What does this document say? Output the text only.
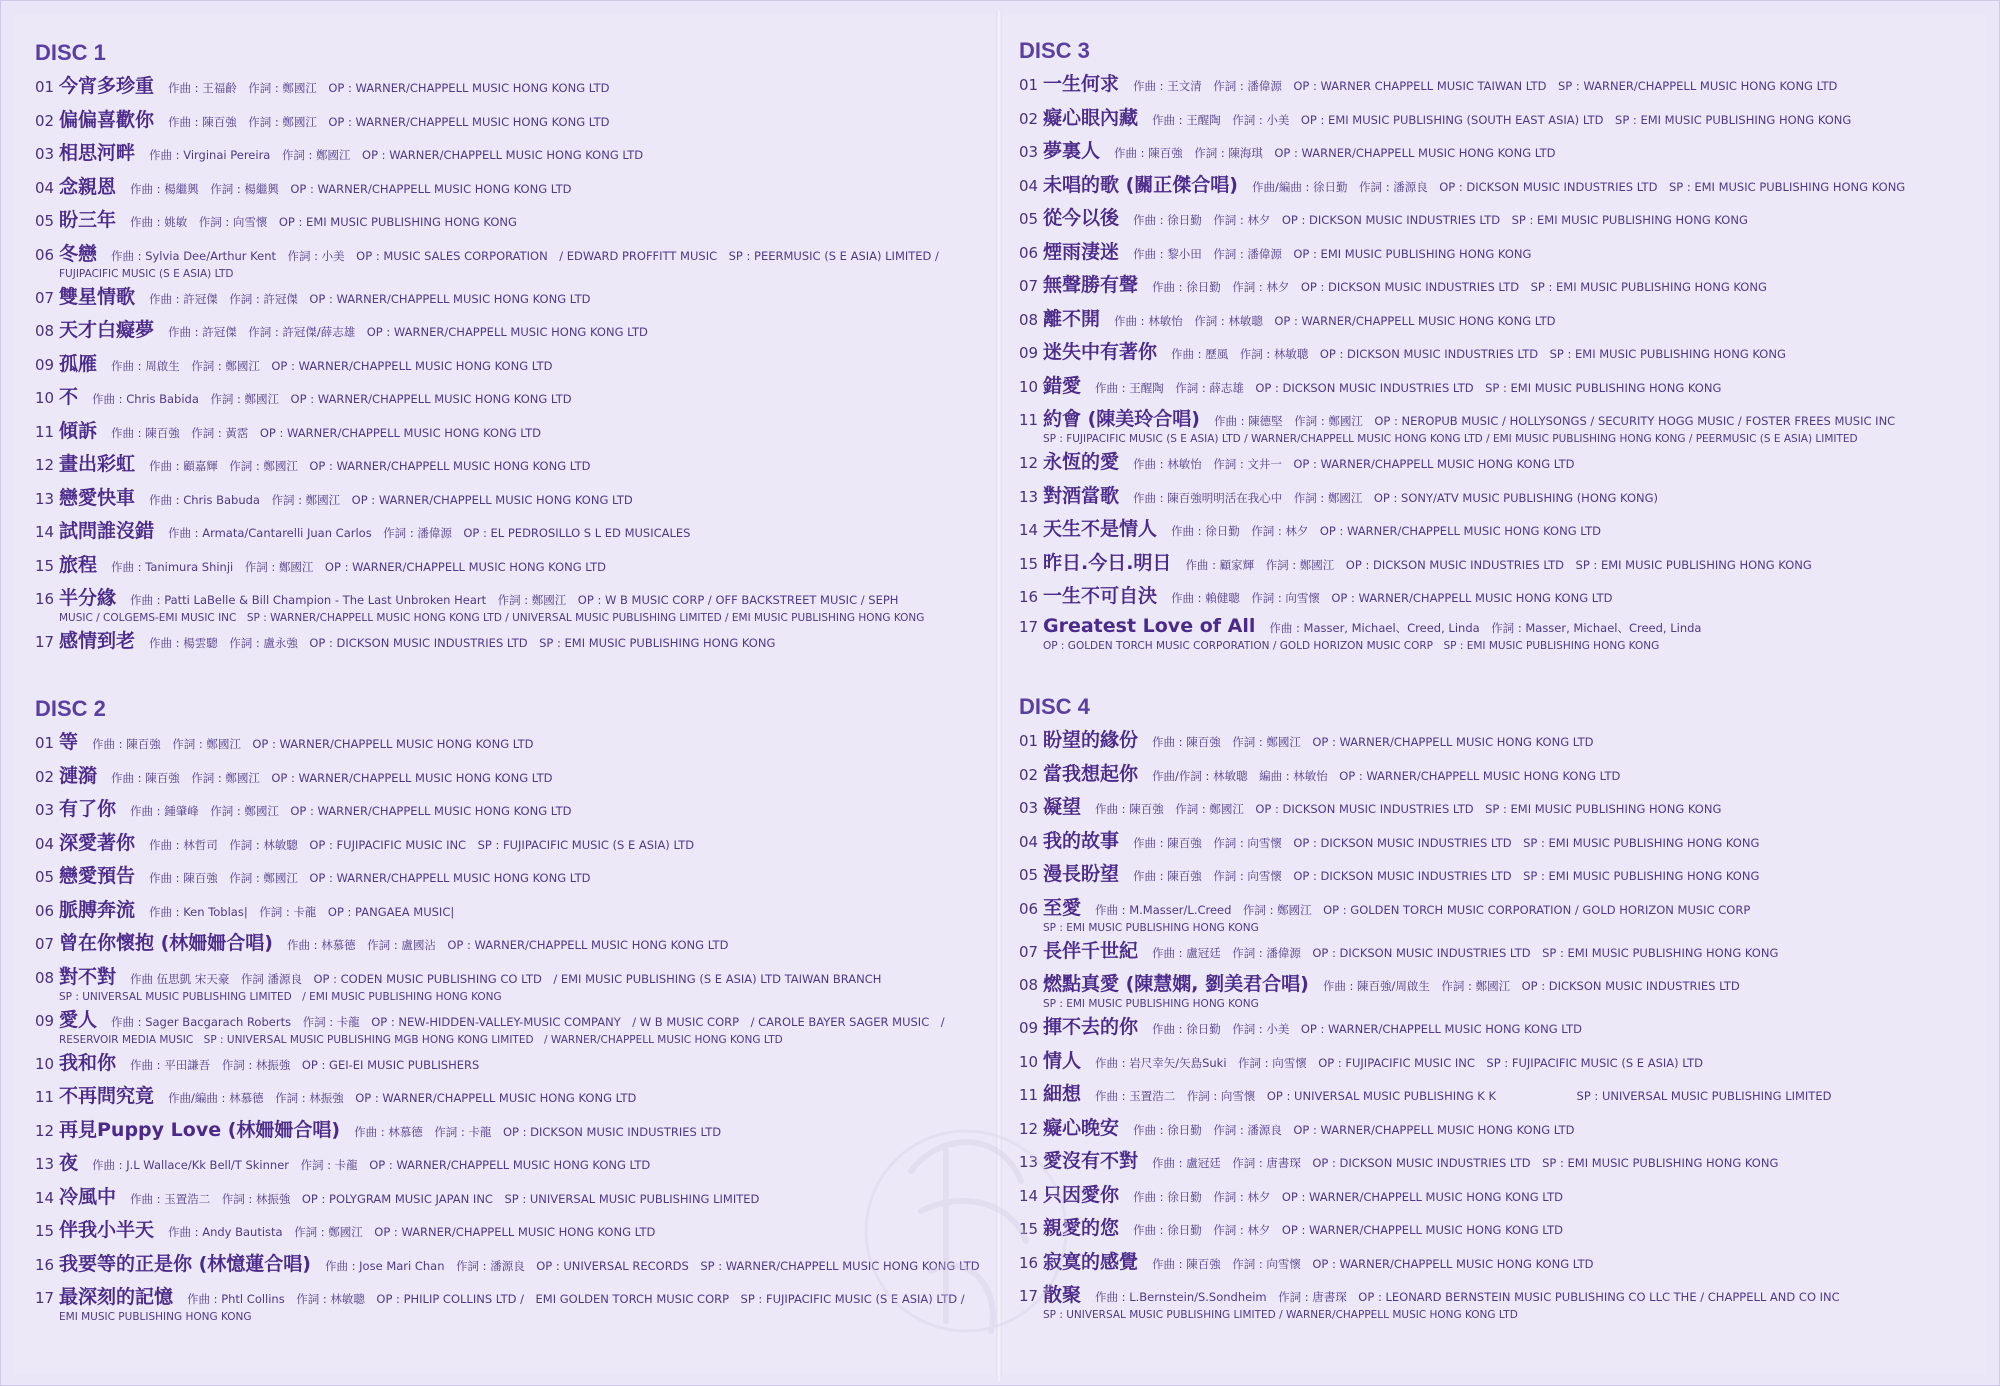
DISC 1
01 今宵多珍重 作曲 : 王福齡　作詞 : 鄭國江　OP : WARNER/CHAPPELL MUSIC HONG KONG LTD
02 偏偏喜歡你 作曲 : 陳百強　作詞 : 鄭國江　OP : WARNER/CHAPPELL MUSIC HONG KONG LTD
03 相思河畔 作曲 : Virginai Pereira　作詞 : 鄭國江　OP : WARNER/CHAPPELL MUSIC HONG KONG LTD
04 念親恩 作曲 : 楊繼興　作詞 : 楊繼興　OP : WARNER/CHAPPELL MUSIC HONG KONG LTD
05 盼三年 作曲 : 姚敏　作詞 : 向雪懷　OP : EMI MUSIC PUBLISHING HONG KONG
06 冬戀 作曲 : Sylvia Dee/Arthur Kent　作詞 : 小美　OP : MUSIC SALES CORPORATION　/ EDWARD PROFFITT MUSIC　SP : PEERMUSIC (S E ASIA) LIMITED /
FUJIPACIFIC MUSIC (S E ASIA) LTD
07 雙星情歌 作曲 : 許冠傑　作詞 : 許冠傑　OP : WARNER/CHAPPELL MUSIC HONG KONG LTD
08 天才白癡夢 作曲 : 許冠傑　作詞 : 許冠傑/薛志雄　OP : WARNER/CHAPPELL MUSIC HONG KONG LTD
09 孤雁 作曲 : 周啟生　作詞 : 鄭國江　OP : WARNER/CHAPPELL MUSIC HONG KONG LTD
10 不 作曲 : Chris Babida　作詞 : 鄭國江　OP : WARNER/CHAPPELL MUSIC HONG KONG LTD
11 傾訴 作曲 : 陳百強　作詞 : 黃霑　OP : WARNER/CHAPPELL MUSIC HONG KONG LTD
12 畫出彩虹 作曲 : 顧嘉輝　作詞 : 鄭國江　OP : WARNER/CHAPPELL MUSIC HONG KONG LTD
13 戀愛快車 作曲 : Chris Babuda　作詞 : 鄭國江　OP : WARNER/CHAPPELL MUSIC HONG KONG LTD
14 試問誰沒錯 作曲 : Armata/Cantarelli Juan Carlos　作詞 : 潘偉源　OP : EL PEDROSILLO S L ED MUSICALES
15 旅程 作曲 : Tanimura Shinji　作詞 : 鄭國江　OP : WARNER/CHAPPELL MUSIC HONG KONG LTD
16 半分緣 作曲 : Patti LaBelle & Bill Champion - The Last Unbroken Heart　作詞 : 鄭國江　OP : W B MUSIC CORP / OFF BACKSTREET MUSIC / SEPH
MUSIC / COLGEMS-EMI MUSIC INC　SP : WARNER/CHAPPELL MUSIC HONG KONG LTD / UNIVERSAL MUSIC PUBLISHING LIMITED / EMI MUSIC PUBLISHING HONG KONG
17 感情到老 作曲 : 楊雲驄　作詞 : 盧永強　OP : DICKSON MUSIC INDUSTRIES LTD　SP : EMI MUSIC PUBLISHING HONG KONG
DISC 2
01 等 作曲 : 陳百強　作詞 : 鄭國江　OP : WARNER/CHAPPELL MUSIC HONG KONG LTD
02 漣漪 作曲 : 陳百強　作詞 : 鄭國江　OP : WARNER/CHAPPELL MUSIC HONG KONG LTD
03 有了你 作曲 : 鍾肇峰　作詞 : 鄭國江　OP : WARNER/CHAPPELL MUSIC HONG KONG LTD
04 深愛著你 作曲 : 林哲司　作詞 : 林敏驄　OP : FUJIPACIFIC MUSIC INC　SP : FUJIPACIFIC MUSIC (S E ASIA) LTD
05 戀愛預告 作曲 : 陳百強　作詞 : 鄭國江　OP : WARNER/CHAPPELL MUSIC HONG KONG LTD
06 脈膊奔流 作曲 : Ken Toblas|　作詞 : 卡龍　OP : PANGAEA MUSIC|
07 曾在你懷抱 (林姍姍合唱) 作曲 : 林慕德　作詞 : 盧國沾　OP : WARNER/CHAPPELL MUSIC HONG KONG LTD
08 對不對 作曲 伍思凱 宋天豪　作詞 潘源良　OP : CODEN MUSIC PUBLISHING CO LTD　/ EMI MUSIC PUBLISHING (S E ASIA) LTD TAIWAN BRANCH
SP : UNIVERSAL MUSIC PUBLISHING LIMITED　/ EMI MUSIC PUBLISHING HONG KONG
09 愛人 作曲 : Sager Bacgarach Roberts　作詞 : 卡龍　OP : NEW-HIDDEN-VALLEY-MUSIC COMPANY　/ W B MUSIC CORP　/ CAROLE BAYER SAGER MUSIC　/
RESERVOIR MEDIA MUSIC　SP : UNIVERSAL MUSIC PUBLISHING MGB HONG KONG LIMITED　/ WARNER/CHAPPELL MUSIC HONG KONG LTD
10 我和你 作曲 : 平田謙吾　作詞 : 林振強　OP : GEI-EI MUSIC PUBLISHERS
11 不再問究竟 作曲/編曲 : 林慕德　作詞 : 林振強　OP : WARNER/CHAPPELL MUSIC HONG KONG LTD
12 再見Puppy Love (林姍姍合唱) 作曲 : 林慕德　作詞 : 卡龍　OP : DICKSON MUSIC INDUSTRIES LTD
13 夜 作曲 : J.L Wallace/Kk Bell/T Skinner　作詞 : 卡龍　OP : WARNER/CHAPPELL MUSIC HONG KONG LTD
14 冷風中 作曲 : 玉置浩二　作詞 : 林振強　OP : POLYGRAM MUSIC JAPAN INC　SP : UNIVERSAL MUSIC PUBLISHING LIMITED
15 伴我小半天 作曲 : Andy Bautista　作詞 : 鄭國江　OP : WARNER/CHAPPELL MUSIC HONG KONG LTD
16 我要等的正是你 (林憶蓮合唱) 作曲 : Jose Mari Chan　作詞 : 潘源良　OP : UNIVERSAL RECORDS　SP : WARNER/CHAPPELL MUSIC HONG KONG LTD
17 最深刻的記憶 作曲 : Phtl Collins　作詞 : 林敏聰　OP : PHILIP COLLINS LTD /　EMI GOLDEN TORCH MUSIC CORP　SP : FUJIPACIFIC MUSIC (S E ASIA) LTD /
EMI MUSIC PUBLISHING HONG KONG
DISC 3
01 一生何求 作曲 : 王文清　作詞 : 潘偉源　OP : WARNER CHAPPELL MUSIC TAIWAN LTD　SP : WARNER/CHAPPELL MUSIC HONG KONG LTD
02 癡心眼內藏 作曲 : 王醒陶　作詞 : 小美　OP : EMI MUSIC PUBLISHING (SOUTH EAST ASIA) LTD　SP : EMI MUSIC PUBLISHING HONG KONG
03 夢裏人 作曲 : 陳百強　作詞 : 陳海琪　OP : WARNER/CHAPPELL MUSIC HONG KONG LTD
04 未唱的歌 (關正傑合唱) 作曲/編曲 : 徐日勤　作詞 : 潘源良　OP : DICKSON MUSIC INDUSTRIES LTD　SP : EMI MUSIC PUBLISHING HONG KONG
05 從今以後 作曲 : 徐日勤　作詞 : 林夕　OP : DICKSON MUSIC INDUSTRIES LTD　SP : EMI MUSIC PUBLISHING HONG KONG
06 煙雨淒迷 作曲 : 黎小田　作詞 : 潘偉源　OP : EMI MUSIC PUBLISHING HONG KONG
07 無聲勝有聲 作曲 : 徐日勤　作詞 : 林夕　OP : DICKSON MUSIC INDUSTRIES LTD　SP : EMI MUSIC PUBLISHING HONG KONG
08 離不開 作曲 : 林敏怡　作詞 : 林敏聰　OP : WARNER/CHAPPELL MUSIC HONG KONG LTD
09 迷失中有著你 作曲 : 歷風　作詞 : 林敏聰　OP : DICKSON MUSIC INDUSTRIES LTD　SP : EMI MUSIC PUBLISHING HONG KONG
10 錯愛 作曲 : 王醒陶　作詞 : 薛志雄　OP : DICKSON MUSIC INDUSTRIES LTD　SP : EMI MUSIC PUBLISHING HONG KONG
11 約會 (陳美玲合唱) 作曲 : 陳德堅　作詞 : 鄭國江　OP : NEROPUB MUSIC / HOLLYSONGS / SECURITY HOGG MUSIC / FOSTER FREES MUSIC INC
SP : FUJIPACIFIC MUSIC (S E ASIA) LTD / WARNER/CHAPPELL MUSIC HONG KONG LTD / EMI MUSIC PUBLISHING HONG KONG / PEERMUSIC (S E ASIA) LIMITED
12 永恆的愛 作曲 : 林敏怡　作詞 : 文井一　OP : WARNER/CHAPPELL MUSIC HONG KONG LTD
13 對酒當歌 作曲 : 陳百強明明活在我心中　作詞 : 鄭國江　OP : SONY/ATV MUSIC PUBLISHING (HONG KONG)
14 天生不是情人 作曲 : 徐日勤　作詞 : 林夕　OP : WARNER/CHAPPELL MUSIC HONG KONG LTD
15 昨日.今日.明日 作曲 : 顧家輝　作詞 : 鄭國江　OP : DICKSON MUSIC INDUSTRIES LTD　SP : EMI MUSIC PUBLISHING HONG KONG
16 一生不可自決 作曲 : 賴健聰　作詞 : 向雪懷　OP : WARNER/CHAPPELL MUSIC HONG KONG LTD
17 Greatest Love of All 作曲 : Masser, Michael、Creed, Linda　作詞 : Masser, Michael、Creed, Linda
OP : GOLDEN TORCH MUSIC CORPORATION / GOLD HORIZON MUSIC CORP　SP : EMI MUSIC PUBLISHING HONG KONG
DISC 4
01 盼望的緣份 作曲 : 陳百強　作詞 : 鄭國江　OP : WARNER/CHAPPELL MUSIC HONG KONG LTD
02 當我想起你 作曲/作詞 : 林敏聰　編曲 : 林敏怡　OP : WARNER/CHAPPELL MUSIC HONG KONG LTD
03 凝望 作曲 : 陳百強　作詞 : 鄭國江　OP : DICKSON MUSIC INDUSTRIES LTD　SP : EMI MUSIC PUBLISHING HONG KONG
04 我的故事 作曲 : 陳百強　作詞 : 向雪懷　OP : DICKSON MUSIC INDUSTRIES LTD　SP : EMI MUSIC PUBLISHING HONG KONG
05 漫長盼望 作曲 : 陳百強　作詞 : 向雪懷　OP : DICKSON MUSIC INDUSTRIES LTD　SP : EMI MUSIC PUBLISHING HONG KONG
06 至愛 作曲 : M.Masser/L.Creed　作詞 : 鄭國江　OP : GOLDEN TORCH MUSIC CORPORATION / GOLD HORIZON MUSIC CORP
SP : EMI MUSIC PUBLISHING HONG KONG
07 長伴千世紀 作曲 : 盧冠廷　作詞 : 潘偉源　OP : DICKSON MUSIC INDUSTRIES LTD　SP : EMI MUSIC PUBLISHING HONG KONG
08 燃點真愛 (陳慧嫻, 劉美君合唱) 作曲 : 陳百強/周啟生　作詞 : 鄭國江　OP : DICKSON MUSIC INDUSTRIES LTD
SP : EMI MUSIC PUBLISHING HONG KONG
09 揮不去的你 作曲 : 徐日勤　作詞 : 小美　OP : WARNER/CHAPPELL MUSIC HONG KONG LTD
10 情人 作曲 : 岩尺幸矢/矢島Suki　作詞 : 向雪懷　OP : FUJIPACIFIC MUSIC INC　SP : FUJIPACIFIC MUSIC (S E ASIA) LTD
11 細想 作曲 : 玉置浩二　作詞 : 向雪懷　OP : UNIVERSAL MUSIC PUBLISHING K K　　　　　　　SP : UNIVERSAL MUSIC PUBLISHING LIMITED
12 癡心晚安 作曲 : 徐日勤　作詞 : 潘源良　OP : WARNER/CHAPPELL MUSIC HONG KONG LTD
13 愛沒有不對 作曲 : 盧冠廷　作詞 : 唐書琛　OP : DICKSON MUSIC INDUSTRIES LTD　SP : EMI MUSIC PUBLISHING HONG KONG
14 只因愛你 作曲 : 徐日勤　作詞 : 林夕　OP : WARNER/CHAPPELL MUSIC HONG KONG LTD
15 親愛的您 作曲 : 徐日勤　作詞 : 林夕　OP : WARNER/CHAPPELL MUSIC HONG KONG LTD
16 寂寞的感覺 作曲 : 陳百強　作詞 : 向雪懷　OP : WARNER/CHAPPELL MUSIC HONG KONG LTD
17 散聚 作曲 : L.Bernstein/S.Sondheim　作詞 : 唐書琛　OP : LEONARD BERNSTEIN MUSIC PUBLISHING CO LLC THE / CHAPPELL AND CO INC
SP : UNIVERSAL MUSIC PUBLISHING LIMITED / WARNER/CHAPPELL MUSIC HONG KONG LTD
